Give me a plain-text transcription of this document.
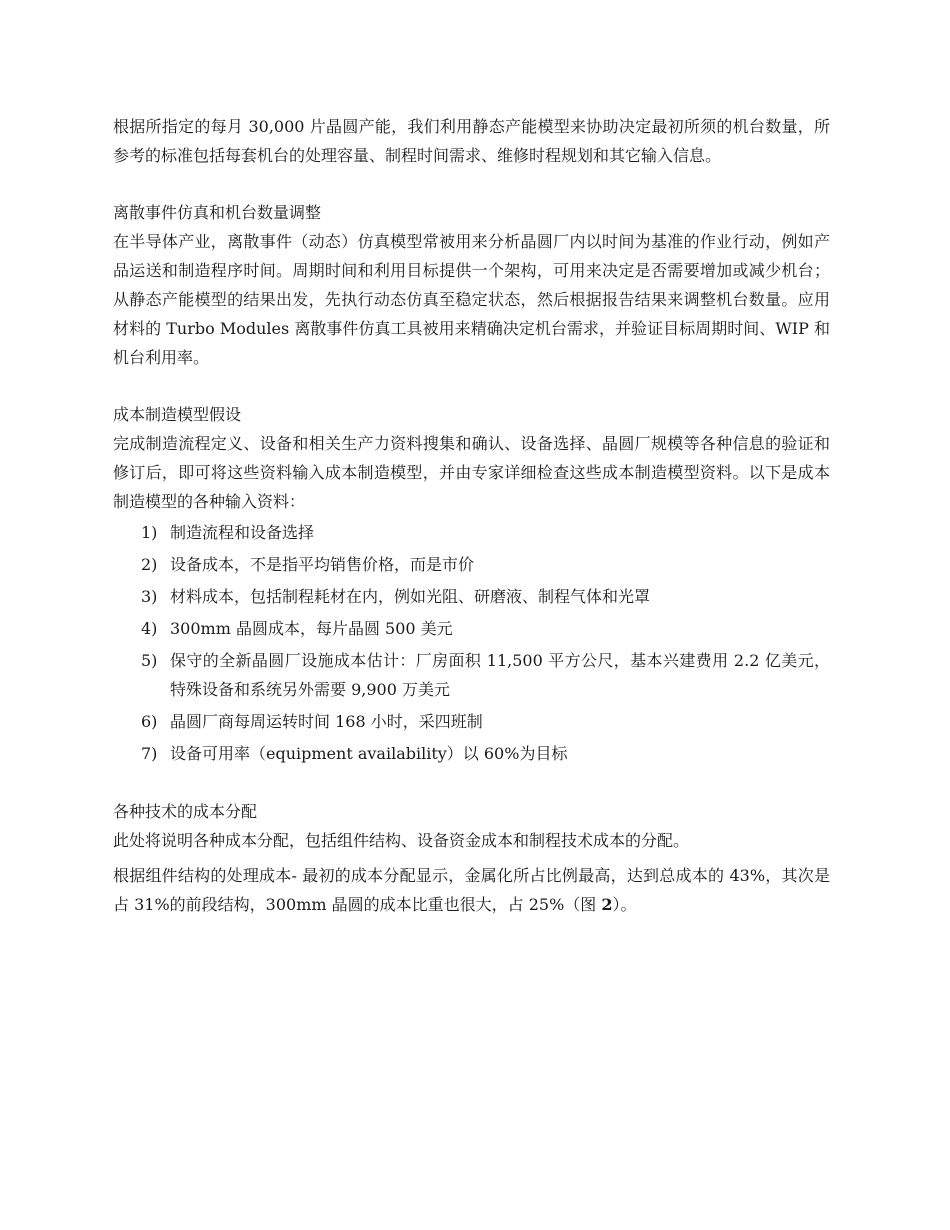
根据所指定的每月 30,000 片晶圆产能，我们利用静态产能模型来协助决定最初所须的机台数量，所参考的标准包括每套机台的处理容量、制程时间需求、维修时程规划和其它输入信息。

离散事件仿真和机台数量调整

在半导体产业，离散事件（动态）仿真模型常被用来分析晶圆厂内以时间为基准的作业行动，例如产品运送和制造程序时间。周期时间和利用目标提供一个架构，可用来决定是否需要增加或减少机台；从静态产能模型的结果出发，先执行动态仿真至稳定状态，然后根据报告结果来调整机台数量。应用材料的 Turbo Modules 离散事件仿真工具被用来精确决定机台需求，并验证目标周期时间、WIP 和机台利用率。

成本制造模型假设

完成制造流程定义、设备和相关生产力资料搜集和确认、设备选择、晶圆厂规模等各种信息的验证和修订后，即可将这些资料输入成本制造模型，并由专家详细检查这些成本制造模型资料。以下是成本制造模型的各种输入资料：

1) 制造流程和设备选择
2) 设备成本，不是指平均销售价格，而是市价
3) 材料成本，包括制程耗材在内，例如光阻、研磨液、制程气体和光罩
4) 300mm 晶圆成本，每片晶圆 500 美元
5) 保守的全新晶圆厂设施成本估计：厂房面积 11,500 平方公尺，基本兴建费用 2.2 亿美元，特殊设备和系统另外需要 9,900 万美元
6) 晶圆厂商每周运转时间 168 小时，采四班制
7) 设备可用率（equipment availability）以 60%为目标
各种技术的成本分配

此处将说明各种成本分配，包括组件结构、设备资金成本和制程技术成本的分配。

根据组件结构的处理成本- 最初的成本分配显示，金属化所占比例最高，达到总成本的 43%，其次是占 31%的前段结构，300mm 晶圆的成本比重也很大，占 25%（图 2）。
